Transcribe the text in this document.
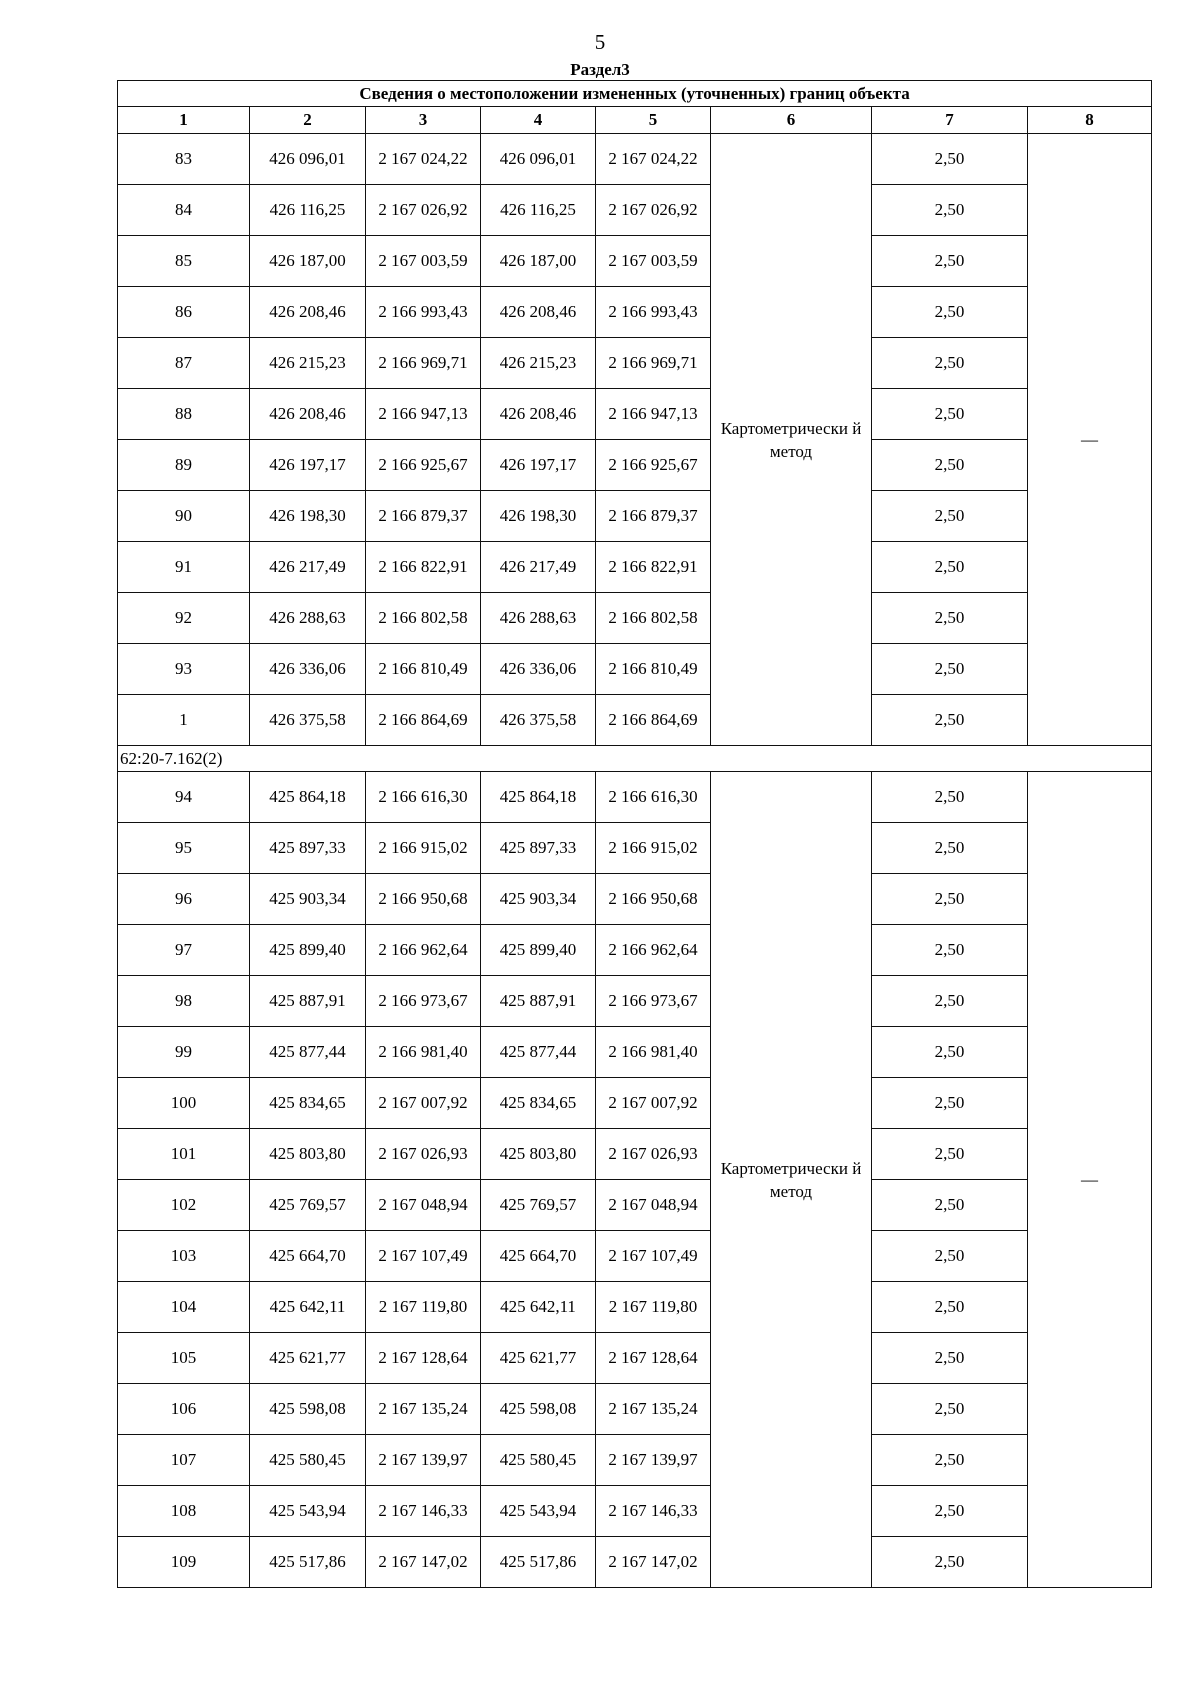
5
Раздел3
Сведения о местоположении измененных (уточненных) границ объекта							
1	2	3	4	5	6	7	8
83	426 096,01	2 167 024,22	426 096,01	2 167 024,22	Картометрически й метод	2,50	—
84	426 116,25	2 167 026,92	426 116,25	2 167 026,92		2,50	
85	426 187,00	2 167 003,59	426 187,00	2 167 003,59		2,50	
86	426 208,46	2 166 993,43	426 208,46	2 166 993,43		2,50	
87	426 215,23	2 166 969,71	426 215,23	2 166 969,71		2,50	
88	426 208,46	2 166 947,13	426 208,46	2 166 947,13		2,50	
89	426 197,17	2 166 925,67	426 197,17	2 166 925,67		2,50	
90	426 198,30	2 166 879,37	426 198,30	2 166 879,37		2,50	
91	426 217,49	2 166 822,91	426 217,49	2 166 822,91		2,50	
92	426 288,63	2 166 802,58	426 288,63	2 166 802,58		2,50	
93	426 336,06	2 166 810,49	426 336,06	2 166 810,49		2,50	
1	426 375,58	2 166 864,69	426 375,58	2 166 864,69		2,50	
62:20-7.162(2)							
94	425 864,18	2 166 616,30	425 864,18	2 166 616,30	Картометрически й метод	2,50	—
95	425 897,33	2 166 915,02	425 897,33	2 166 915,02		2,50	
96	425 903,34	2 166 950,68	425 903,34	2 166 950,68		2,50	
97	425 899,40	2 166 962,64	425 899,40	2 166 962,64		2,50	
98	425 887,91	2 166 973,67	425 887,91	2 166 973,67		2,50	
99	425 877,44	2 166 981,40	425 877,44	2 166 981,40		2,50	
100	425 834,65	2 167 007,92	425 834,65	2 167 007,92		2,50	
101	425 803,80	2 167 026,93	425 803,80	2 167 026,93		2,50	
102	425 769,57	2 167 048,94	425 769,57	2 167 048,94		2,50	
103	425 664,70	2 167 107,49	425 664,70	2 167 107,49		2,50	
104	425 642,11	2 167 119,80	425 642,11	2 167 119,80		2,50	
105	425 621,77	2 167 128,64	425 621,77	2 167 128,64		2,50	
106	425 598,08	2 167 135,24	425 598,08	2 167 135,24		2,50	
107	425 580,45	2 167 139,97	425 580,45	2 167 139,97		2,50	
108	425 543,94	2 167 146,33	425 543,94	2 167 146,33		2,50	
109	425 517,86	2 167 147,02	425 517,86	2 167 147,02		2,50	
